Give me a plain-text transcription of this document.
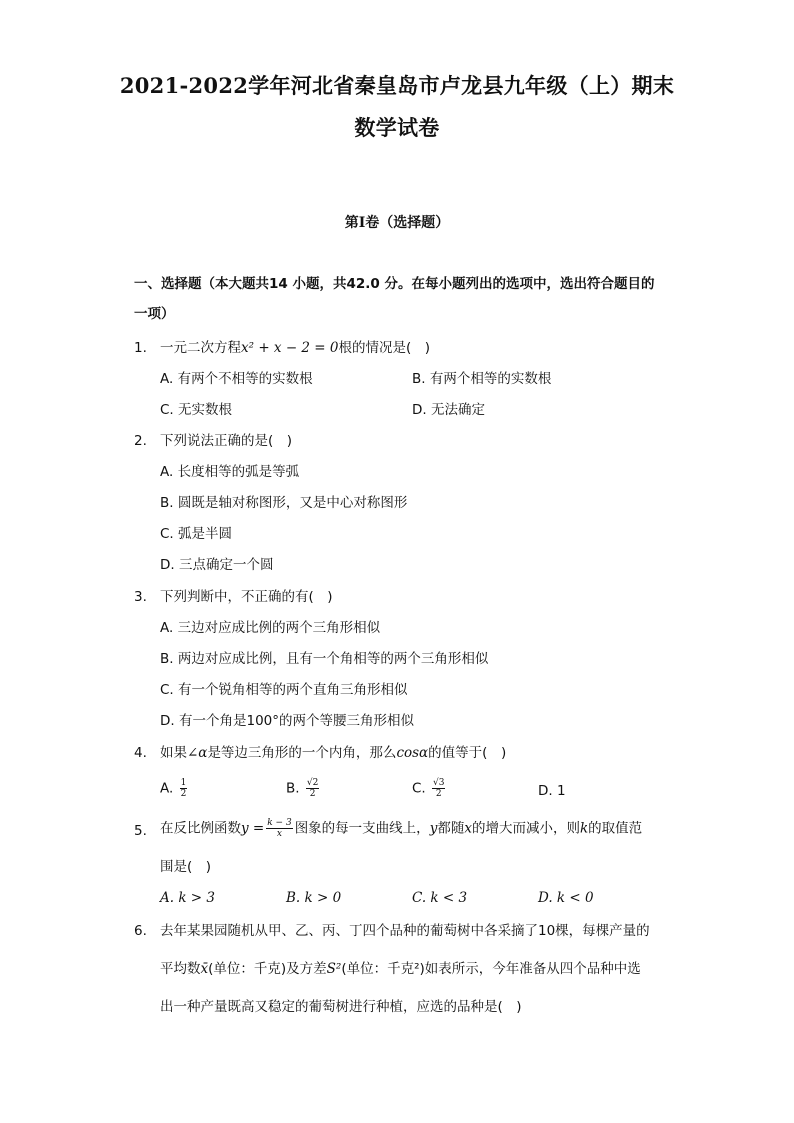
2021-2022学年河北省秦皇岛市卢龙县九年级（上）期末
数学试卷
第Ⅰ卷（选择题）
一、选择题（本大题共14 小题，共42.0 分。在每小题列出的选项中，选出符合题目的
一项）
1. 一元二次方程x² + x − 2 = 0根的情况是(　)
A. 有两个不相等的实数根	B. 有两个相等的实数根
C. 无实数根	D. 无法确定
2. 下列说法正确的是(　)
A. 长度相等的弧是等弧
B. 圆既是轴对称图形，又是中心对称图形
C. 弧是半圆
D. 三点确定一个圆
3. 下列判断中，不正确的有(　)
A. 三边对应成比例的两个三角形相似
B. 两边对应成比例，且有一个角相等的两个三角形相似
C. 有一个锐角相等的两个直角三角形相似
D. 有一个角是100°的两个等腰三角形相似
4. 如果∠α是等边三角形的一个内角，那么cosα的值等于(　)
A. $\frac{1}{2}$	B. $\frac{√2}{2}$	C. $\frac{√3}{2}$	D. 1
5. 在反比例函数$y = \frac{k - 3}{x}$ 图象的每一支曲线上，y都随x的增大而减小，则k的取值范
围是(　)
A. k > 3	B. k > 0	C. k < 3	D. k < 0
6. 去年某果园随机从甲、乙、丙、丁四个品种的葡萄树中各采摘了10棵，每棵产量的
平均数x̄(单位：千克)及方差S²(单位：千克²)如表所示，今年准备从四个品种中选
出一种产量既高又稳定的葡萄树进行种植，应选的品种是(　)
